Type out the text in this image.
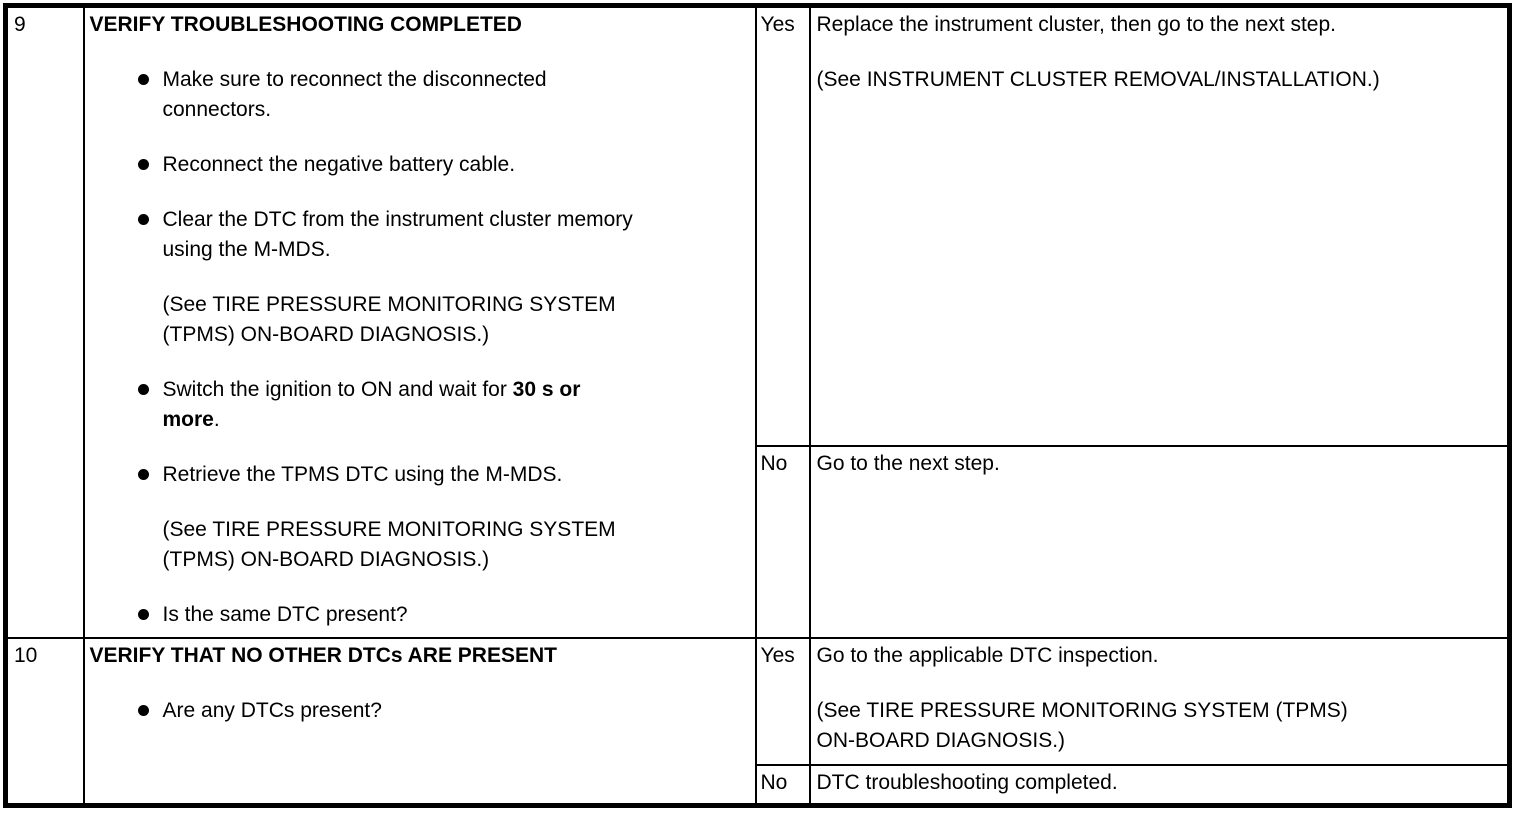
9	VERIFY TROUBLESHOOTING COMPLETED
Make sure to reconnect the disconnected
connectors.
Reconnect the negative battery cable.
Clear the DTC from the instrument cluster memory
using the M-MDS.
(See TIRE PRESSURE MONITORING SYSTEM
(TPMS) ON-BOARD DIAGNOSIS.)
Switch the ignition to ON and wait for 30 s or
more.
Retrieve the TPMS DTC using the M-MDS.
(See TIRE PRESSURE MONITORING SYSTEM
(TPMS) ON-BOARD DIAGNOSIS.)
Is the same DTC present?
	Yes	Replace the instrument cluster, then go to the next step.
(See INSTRUMENT CLUSTER REMOVAL/INSTALLATION.)

		No	Go to the next step.

10	VERIFY THAT NO OTHER DTCs ARE PRESENT
Are any DTCs present?
	Yes	Go to the applicable DTC inspection.
(See TIRE PRESSURE MONITORING SYSTEM (TPMS)
ON-BOARD DIAGNOSIS.)

		No	DTC troubleshooting completed.
